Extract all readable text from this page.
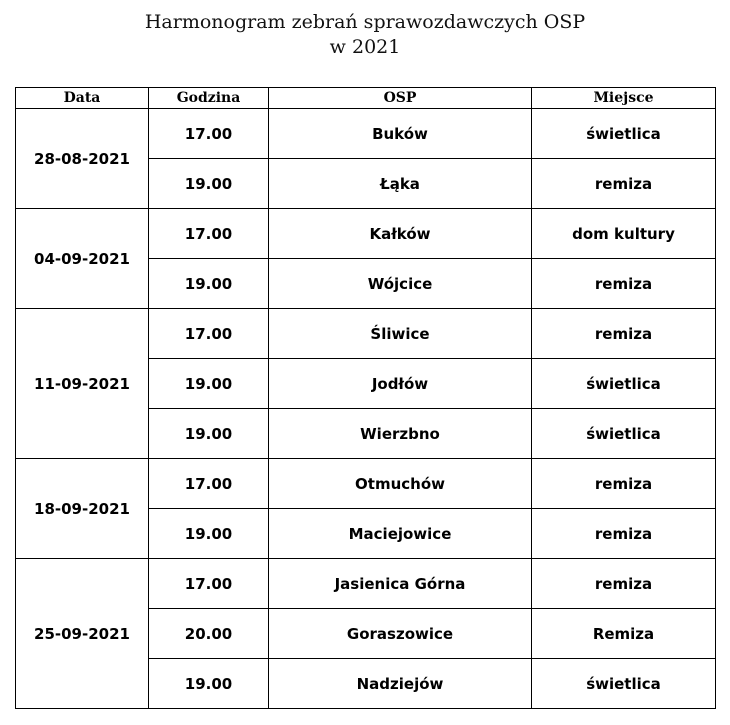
Harmonogram zebrań sprawozdawczych OSP
w 2021
Data	Godzina	OSP	Miejsce
28-08-2021	17.00	Buków	świetlica
	19.00	Łąka	remiza
04-09-2021	17.00	Kałków	dom kultury
	19.00	Wójcice	remiza
11-09-2021	17.00	Śliwice	remiza
	19.00	Jodłów	świetlica
	19.00	Wierzbno	świetlica
18-09-2021	17.00	Otmuchów	remiza
	19.00	Maciejowice	remiza
25-09-2021	17.00	Jasienica Górna	remiza
	20.00	Goraszowice	Remiza
	19.00	Nadziejów	świetlica
